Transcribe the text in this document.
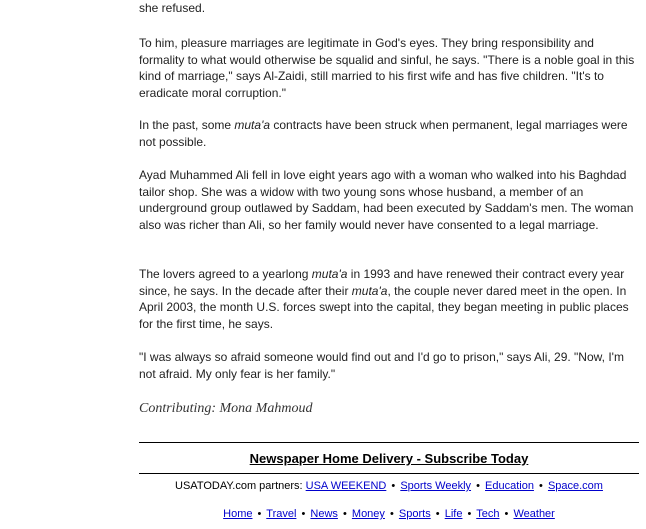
she refused.

To him, pleasure marriages are legitimate in God's eyes. They bring responsibility and formality to what would otherwise be squalid and sinful, he says. "There is a noble goal in this kind of marriage," says Al-Zaidi, still married to his first wife and has five children. "It's to eradicate moral corruption."

In the past, some muta'a contracts have been struck when permanent, legal marriages were not possible.

Ayad Muhammed Ali fell in love eight years ago with a woman who walked into his Baghdad tailor shop. She was a widow with two young sons whose husband, a member of an underground group outlawed by Saddam, had been executed by Saddam's men. The woman also was richer than Ali, so her family would never have consented to a legal marriage.

The lovers agreed to a yearlong muta'a in 1993 and have renewed their contract every year since, he says. In the decade after their muta'a, the couple never dared meet in the open. In April 2003, the month U.S. forces swept into the capital, they began meeting in public places for the first time, he says.

"I was always so afraid someone would find out and I'd go to prison," says Ali, 29. "Now, I'm not afraid. My only fear is her family."

Contributing: Mona Mahmoud
Newspaper Home Delivery - Subscribe Today
USATODAY.com partners: USA WEEKEND • Sports Weekly • Education • Space.com
Home • Travel • News • Money • Sports • Life • Tech • Weather
